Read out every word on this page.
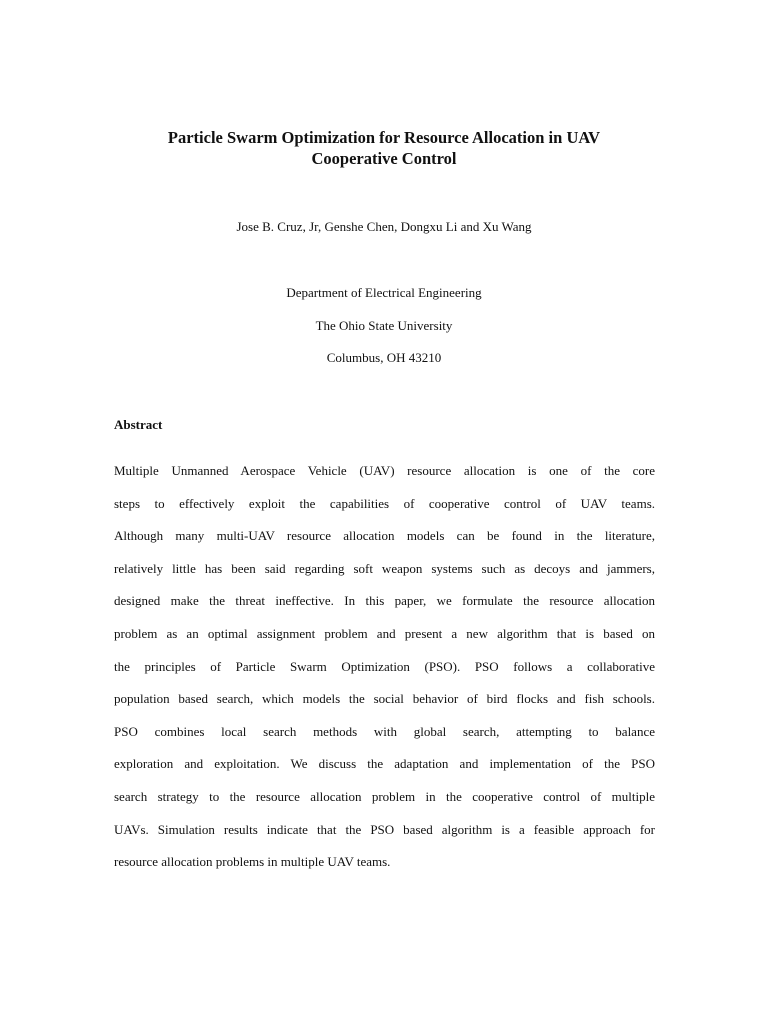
Particle Swarm Optimization for Resource Allocation in UAV
Cooperative Control
Jose B. Cruz, Jr, Genshe Chen, Dongxu Li and Xu Wang
Department of Electrical Engineering
The Ohio State University
Columbus, OH 43210
Abstract
Multiple Unmanned Aerospace Vehicle (UAV) resource allocation is one of the core
steps to effectively exploit the capabilities of cooperative control of UAV teams.
Although many multi-UAV resource allocation models can be found in the literature,
relatively little has been said regarding soft weapon systems such as decoys and jammers,
designed make the threat ineffective. In this paper, we formulate the resource allocation
problem as an optimal assignment problem and present a new algorithm that is based on
the principles of Particle Swarm Optimization (PSO). PSO follows a collaborative
population based search, which models the social behavior of bird flocks and fish schools.
PSO combines local search methods with global search, attempting to balance
exploration and exploitation. We discuss the adaptation and implementation of the PSO
search strategy to the resource allocation problem in the cooperative control of multiple
UAVs. Simulation results indicate that the PSO based algorithm is a feasible approach for
resource allocation problems in multiple UAV teams.
